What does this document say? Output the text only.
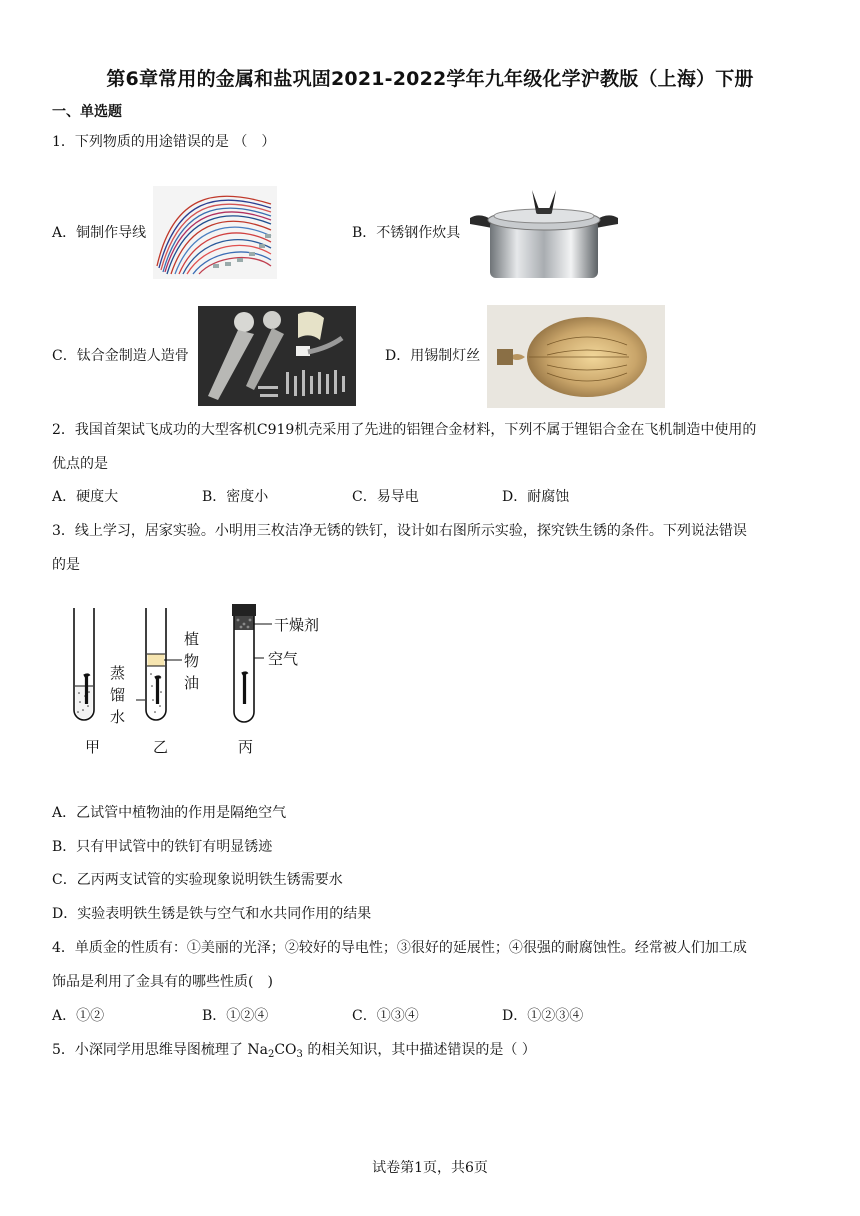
第6章常用的金属和盐巩固2021-2022学年九年级化学沪教版（上海）下册
一、单选题
1．下列物质的用途错误的是 （　）
A．铜制作导线	B．不锈钢作炊具
C．钛合金制造人造骨	D．用锡制灯丝
2．我国首架试飞成功的大型客机C919机壳采用了先进的铝锂合金材料，下列不属于锂铝合金在飞机制造中使用的
优点的是
A．硬度大	B．密度小	C．易导电	D．耐腐蚀
3．线上学习，居家实验。小明用三枚洁净无锈的铁钉，设计如右图所示实验，探究铁生锈的条件。下列说法错误
的是
甲	乙	丙
蒸
馏
水
植
物
油
干燥剂
空气
A．乙试管中植物油的作用是隔绝空气
B．只有甲试管中的铁钉有明显锈迹
C．乙丙两支试管的实验现象说明铁生锈需要水
D．实验表明铁生锈是铁与空气和水共同作用的结果
4．单质金的性质有：①美丽的光泽；②较好的导电性；③很好的延展性；④很强的耐腐蚀性。经常被人们加工成
饰品是利用了金具有的哪些性质(　)
A．①②	B．①②④	C．①③④	D．①②③④
5．小深同学用思维导图梳理了 $Na_2CO_3$ 的相关知识，其中描述错误的是（ ）
试卷第1页，共6页
